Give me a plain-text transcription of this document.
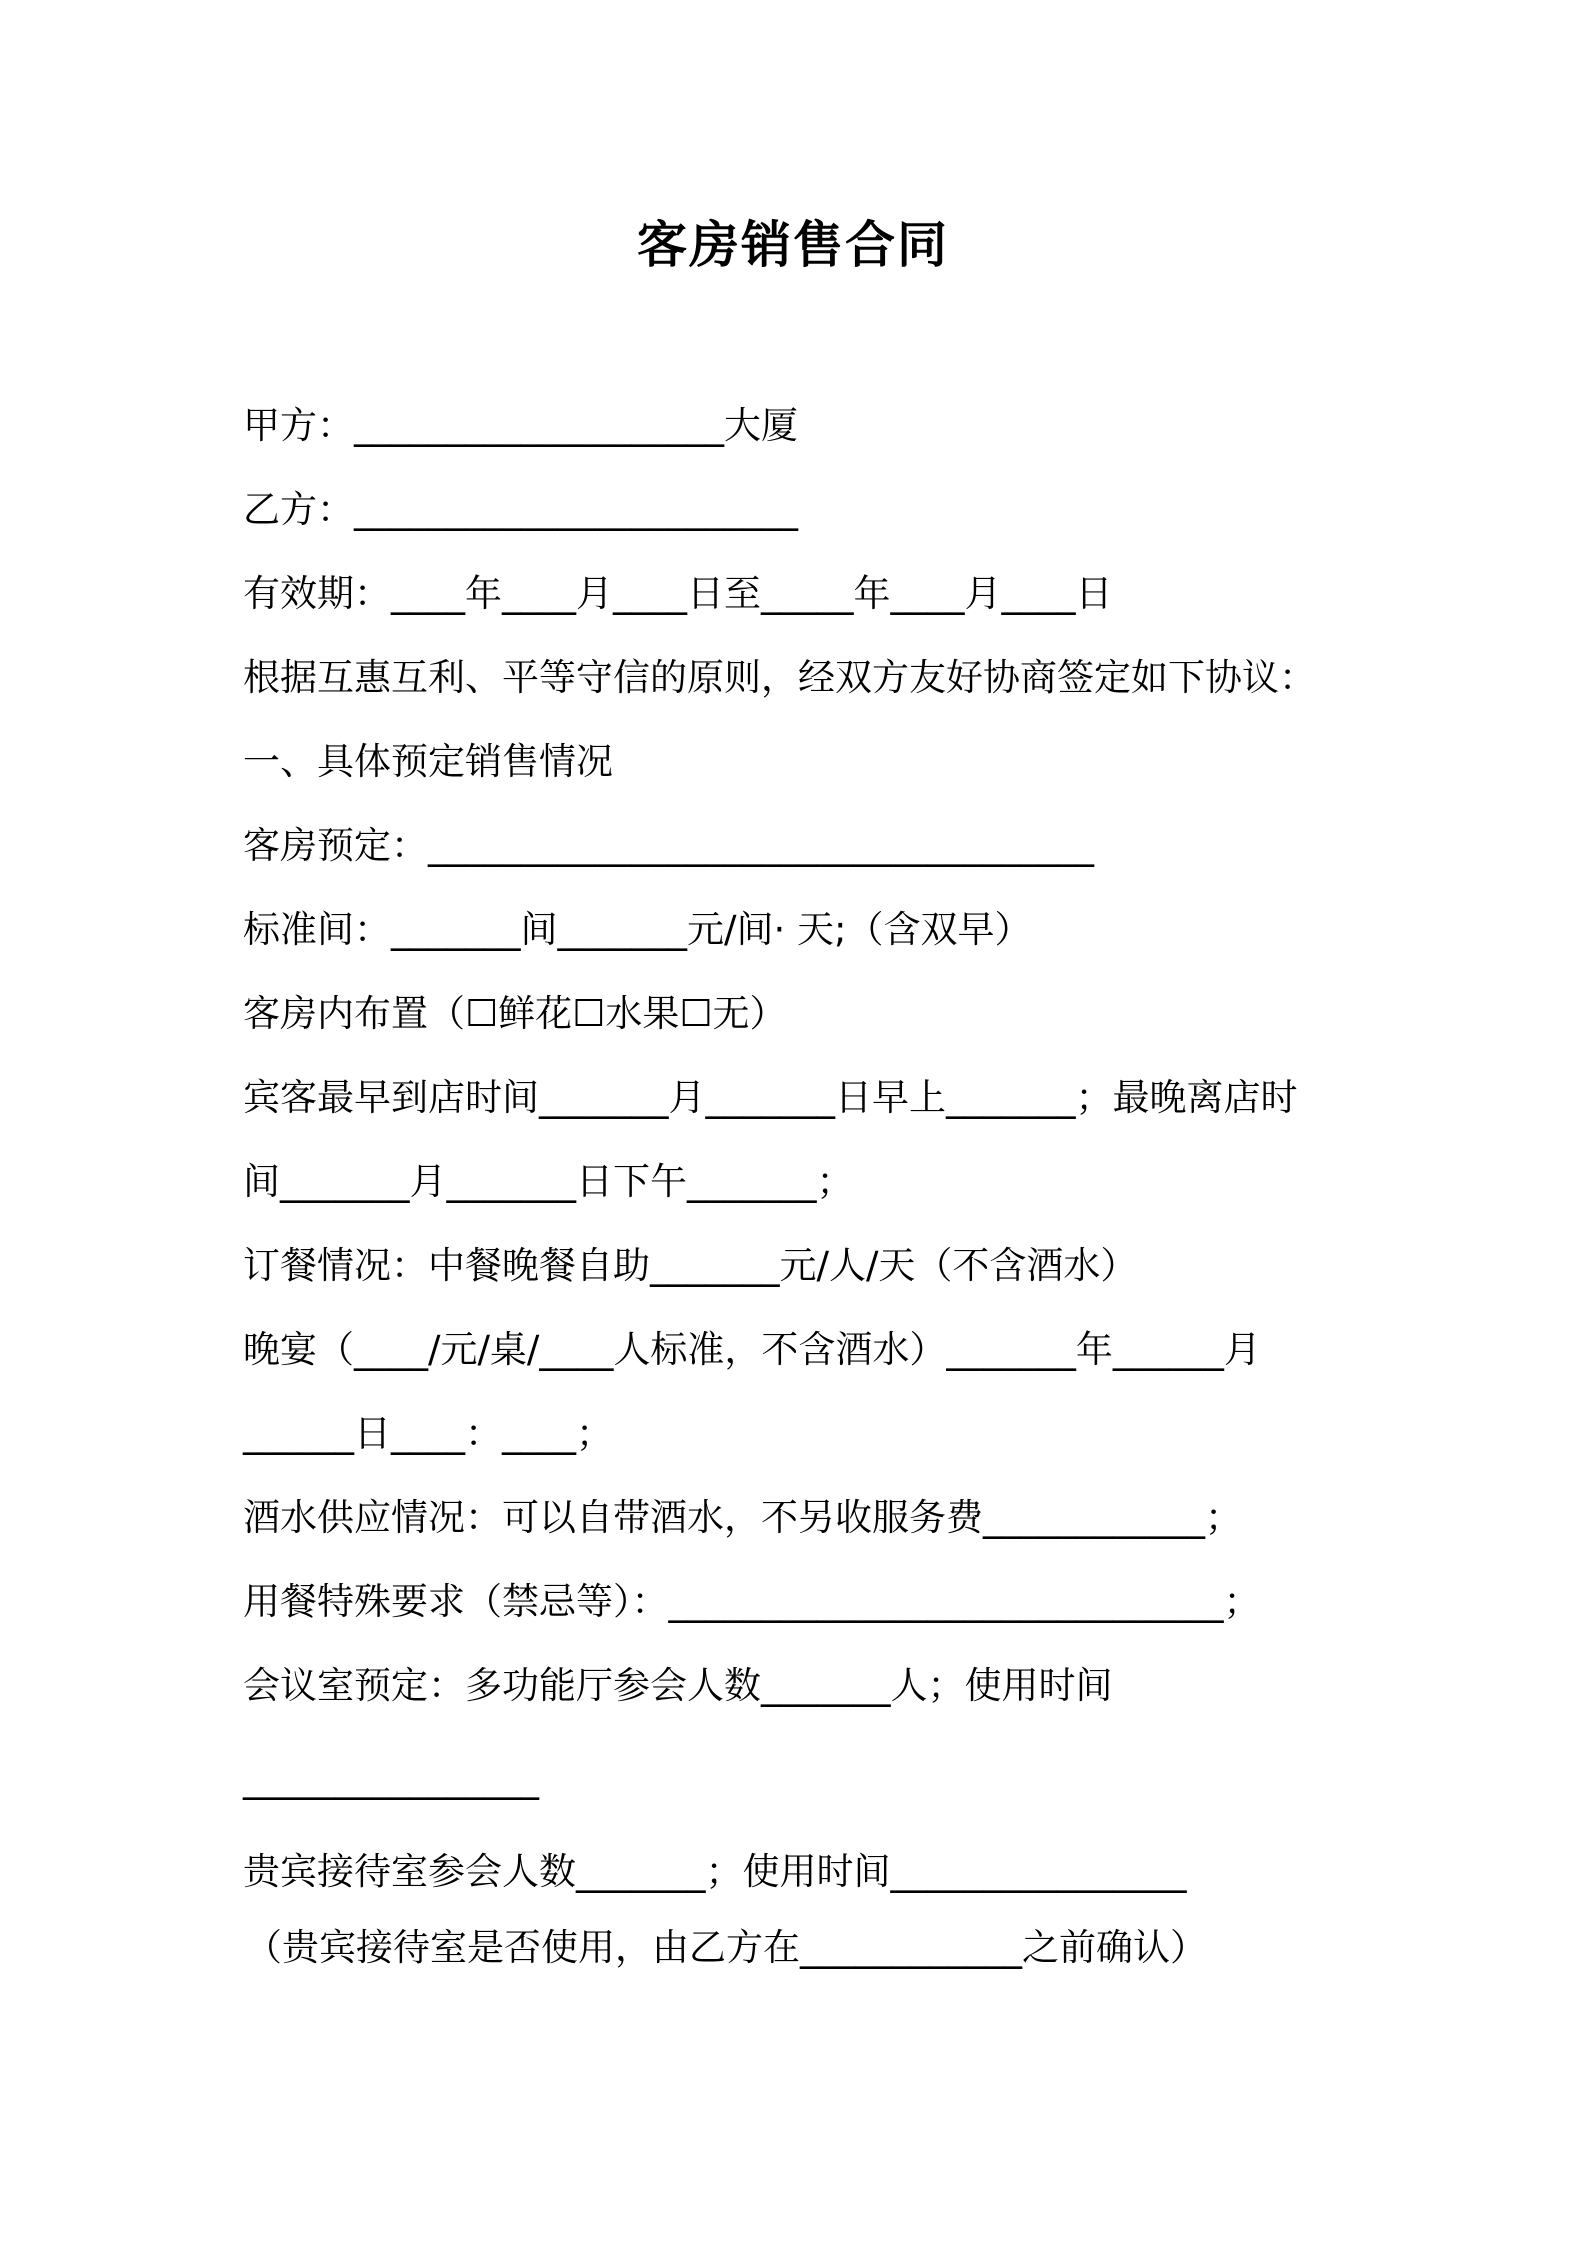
客房销售合同
甲方：____________________大厦
乙方：________________________
有效期：____年____月____日至_____年____月____日
根据互惠互利、平等守信的原则，经双方友好协商签定如下协议：
一、具体预定销售情况
客房预定：____________________________________
标准间：_______间_______元/间· 天;（含双早）
客房内布置（☐鲜花☐水果☐无）
宾客最早到店时间_______月_______日早上_______；最晚离店时
间_______月_______日下午_______；
订餐情况：中餐晚餐自助_______元/人/天（不含酒水）
晚宴（____/元/桌/____人标准，不含酒水）_______年______月
______日____：____；
酒水供应情况：可以自带酒水，不另收服务费____________；
用餐特殊要求（禁忌等）：______________________________；
会议室预定：多功能厅参会人数_______人；使用时间
________________
贵宾接待室参会人数_______；使用时间________________
（贵宾接待室是否使用，由乙方在____________之前确认）
